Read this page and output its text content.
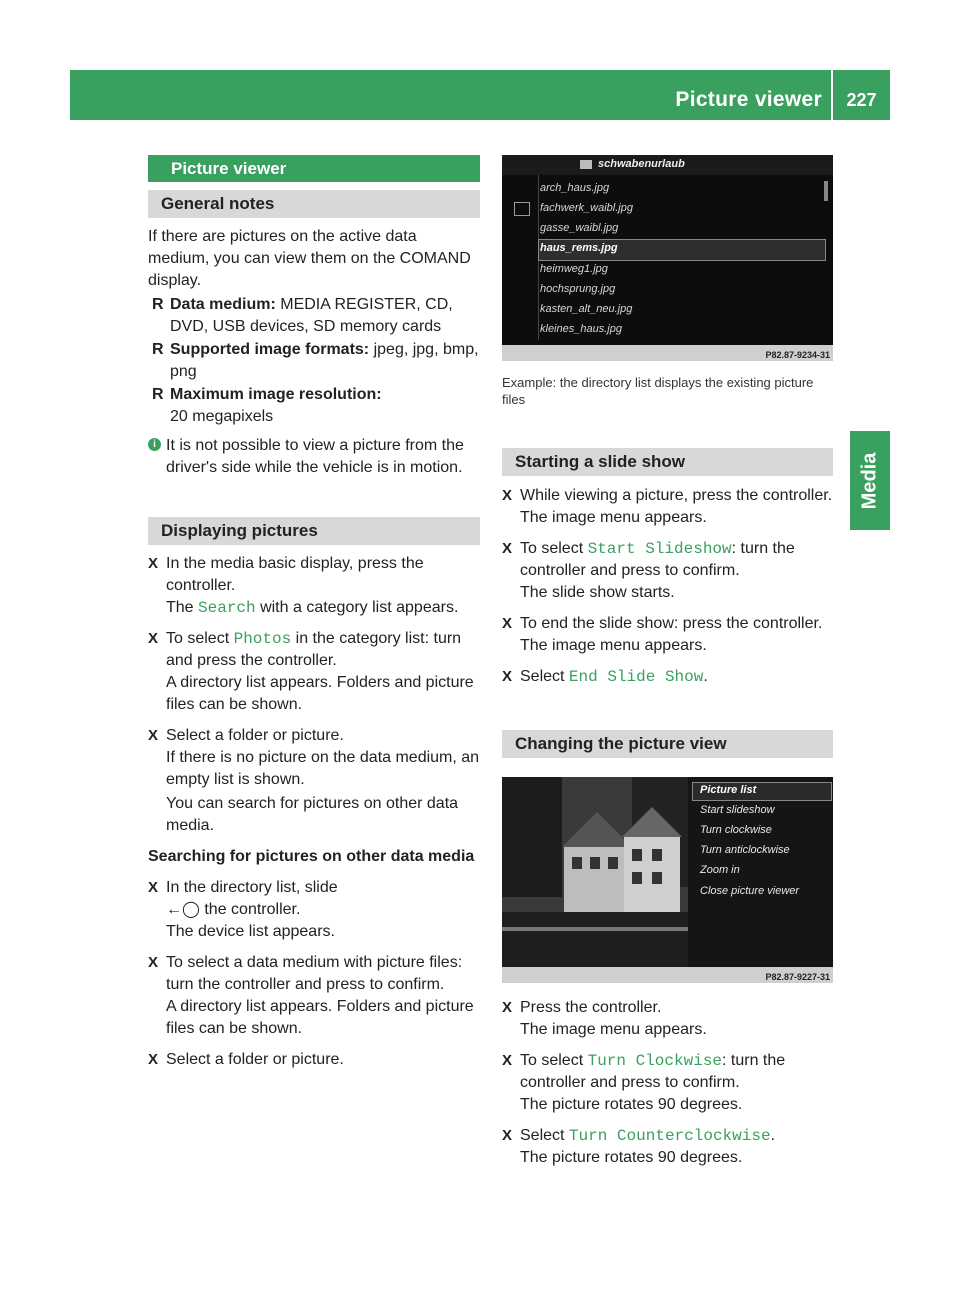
Picture viewer	227
Media
Picture viewer
General notes

If there are pictures on the active data medium, you can view them on the COMAND display.

R Data medium: MEDIA REGISTER, CD, DVD, USB devices, SD memory cards

R Supported image formats: jpeg, jpg, bmp, png

R Maximum image resolution:
20 megapixels

i It is not possible to view a picture from the driver's side while the vehicle is in motion.

Displaying pictures
X In the media basic display, press the controller.

The Search with a category list appears.

X To select Photos in the category list: turn and press the controller.

A directory list appears. Folders and picture files can be shown.

X Select a folder or picture.

If there is no picture on the data medium, an empty list is shown.

You can search for pictures on other data media.

Searching for pictures on other data media

X In the directory list, slide

←◯ the controller.

The device list appears.

X To select a data medium with picture files: turn the controller and press to confirm.

A directory list appears. Folders and picture files can be shown.

X Select a folder or picture.

schwabenurlaub
arch_haus.jpg
fachwerk_waibl.jpg
gasse_waibl.jpg
haus_rems.jpg
heimweg1.jpg
hochsprung.jpg
kasten_alt_neu.jpg
kleines_haus.jpg
P82.87-9234-31

Example: the directory list displays the existing picture files

Starting a slide show
X While viewing a picture, press the controller.

The image menu appears.

X To select Start Slideshow: turn the controller and press to confirm.

The slide show starts.

X To end the slide show: press the controller.

The image menu appears.

X Select End Slide Show.

Changing the picture view
Picture list
Start slideshow
Turn clockwise
Turn anticlockwise
Zoom in
Close picture viewer
P82.87-9227-31
X Press the controller.

The image menu appears.

X To select Turn Clockwise: turn the controller and press to confirm.

The picture rotates 90 degrees.

X Select Turn Counterclockwise.

The picture rotates 90 degrees.
